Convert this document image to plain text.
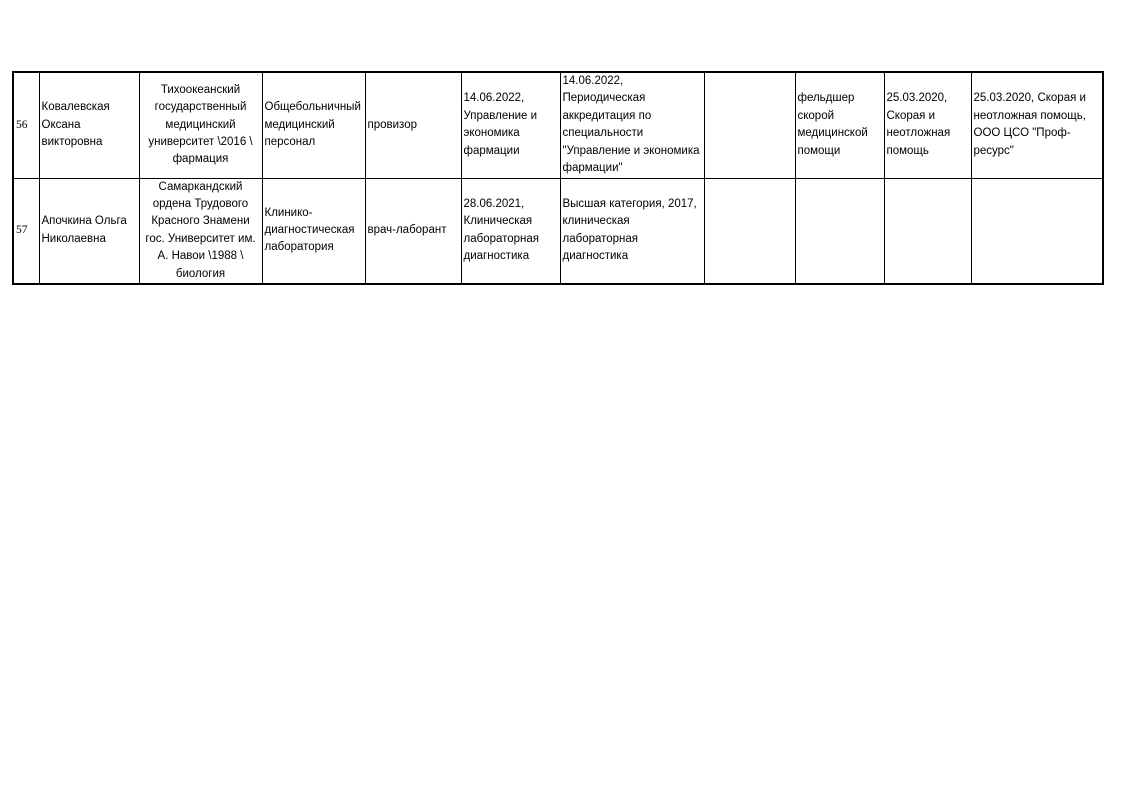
56	Ковалевская Оксана викторовна	Тихоокеанский государственный медицинский университет \2016 \ фармация	Общебольничный медицинский персонал	провизор	14.06.2022, Управление и экономика фармации	14.06.2022, Периодическая аккредитация по специальности "Управление и экономика фармации"		фельдшер скорой медицинской помощи	25.03.2020, Скорая и неотложная помощь	25.03.2020, Скорая и неотложная помощь, ООО ЦСО "Проф-ресурс"
57	Апочкина Ольга Николаевна	Самаркандский ордена Трудового Красного Знамени гос. Университет им. А. Навои \1988 \ биология	Клинико-диагностическая лаборатория	врач-лаборант	28.06.2021, Клиническая лабораторная диагностика	Высшая категория, 2017, клиническая лабораторная диагностика				
